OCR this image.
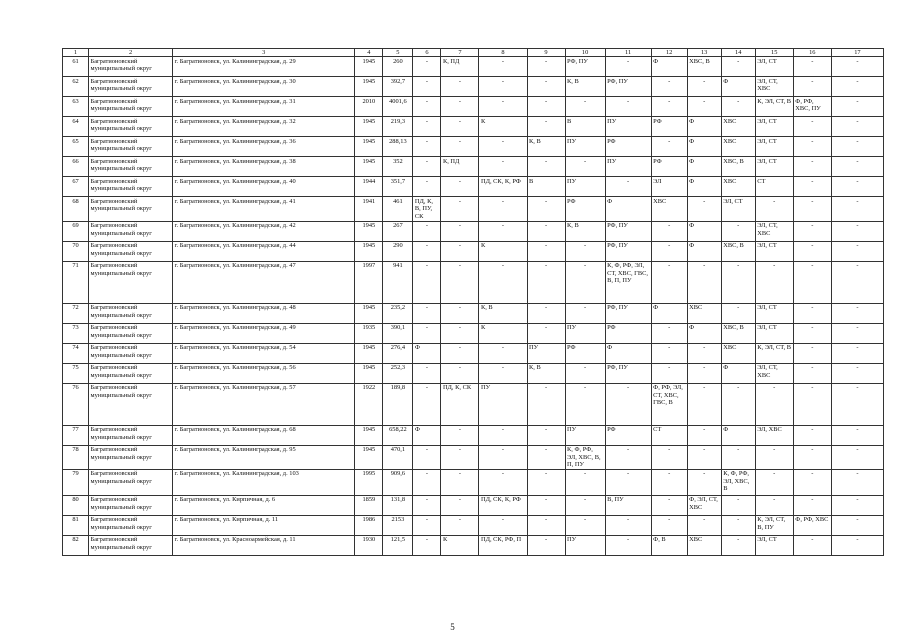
1	2	3	4	5	6	7	8	9	10	11	12	13	14	15	16	17
61	Багратионовский муниципальный округ	г. Багратионовск, ул. Калининградская, д. 29	1945	260	-	К, ПД	-	-	РФ, ПУ	-	Ф	ХВС, В	-	ЭЛ, СТ	-	-
62	Багратионовский муниципальный округ	г. Багратионовск, ул. Калининградская, д. 30	1945	392,7	-	-	-	-	К, В	РФ, ПУ	-	-	Ф	ЭЛ, СТ, ХВС	-	-
63	Багратионовский муниципальный округ	г. Багратионовск, ул. Калининградская, д. 31	2010	4001,6	-	-	-	-	-	-	-	-	-	К, ЭЛ, СТ, В	Ф, РФ, ХВС, ПУ	-
64	Багратионовский муниципальный округ	г. Багратионовск, ул. Калининградская, д. 32	1945	219,3	-	-	К	-	В	ПУ	РФ	Ф	ХВС	ЭЛ, СТ	-	-
65	Багратионовский муниципальный округ	г. Багратионовск, ул. Калининградская, д. 36	1945	288,13	-	-	-	К, В	ПУ	РФ	-	Ф	ХВС	ЭЛ, СТ	-	-
66	Багратионовский муниципальный округ	г. Багратионовск, ул. Калининградская, д. 38	1945	352	-	К, ПД	-	-	-	ПУ	РФ	Ф	ХВС, В	ЭЛ, СТ	-	-
67	Багратионовский муниципальный округ	г. Багратионовск, ул. Калининградская, д. 40	1944	351,7	-	-	ПД, СК, К, РФ	В	ПУ	-	ЭЛ	Ф	ХВС	СТ	-	-
68	Багратионовский муниципальный округ	г. Багратионовск, ул. Калининградская, д. 41	1941	461	ПД, К, В, ПУ, СК	-	-	-	РФ	Ф	ХВС	-	ЭЛ, СТ	-	-	-
69	Багратионовский муниципальный округ	г. Багратионовск, ул. Калининградская, д. 42	1945	267	-	-	-	-	К, В	РФ, ПУ	-	Ф	-	ЭЛ, СТ, ХВС	-	-
70	Багратионовский муниципальный округ	г. Багратионовск, ул. Калининградская, д. 44	1945	290	-	-	К	-	-	РФ, ПУ	-	Ф	ХВС, В	ЭЛ, СТ	-	-
71	Багратионовский муниципальный округ	г. Багратионовск, ул. Калининградская, д. 47	1997	941	-	-	-	-	-	К, Ф, РФ, ЭЛ, СТ, ХВС, ГВС, В, П, ПУ	-	-	-	-	-	-
72	Багратионовский муниципальный округ	г. Багратионовск, ул. Калининградская, д. 48	1945	235,2	-	-	К, В	-	-	РФ, ПУ	Ф	ХВС	-	ЭЛ, СТ	-	-
73	Багратионовский муниципальный округ	г. Багратионовск, ул. Калининградская, д. 49	1935	390,1	-	-	К	-	ПУ	РФ	-	Ф	ХВС, В	ЭЛ, СТ	-	-
74	Багратионовский муниципальный округ	г. Багратионовск, ул. Калининградская, д. 54	1945	276,4	Ф	-	-	ПУ	РФ	Ф	-	-	ХВС	К, ЭЛ, СТ, В	-	-
75	Багратионовский муниципальный округ	г. Багратионовск, ул. Калининградская, д. 56	1945	252,3	-	-	-	К, В	-	РФ, ПУ	-	-	Ф	ЭЛ, СТ, ХВС	-	-
76	Багратионовский муниципальный округ	г. Багратионовск, ул. Калининградская, д. 57	1922	189,8	-	ПД, К, СК	ПУ	-	-	-	Ф, РФ, ЭЛ, СТ, ХВС, ГВС, В	-	-	-	-	-
77	Багратионовский муниципальный округ	г. Багратионовск, ул. Калининградская, д. 68	1945	658,22	Ф	-	-	-	ПУ	РФ	СТ	-	Ф	ЭЛ, ХВС	-	-
78	Багратионовский муниципальный округ	г. Багратионовск, ул. Калининградская, д. 95	1945	470,1	-	-	-	-	К, Ф, РФ, ЭЛ, ХВС, В, П, ПУ	-	-	-	-	-	-	-
79	Багратионовский муниципальный округ	г. Багратионовск, ул. Калининградская, д. 103	1995	909,6	-	-	-	-	-	-	-	-	К, Ф, РФ, ЭЛ, ХВС, В	-	-	-
80	Багратионовский муниципальный округ	г. Багратионовск, ул. Кирпичная, д. 6	1859	131,8	-	-	ПД, СК, К, РФ	-	-	В, ПУ	-	Ф, ЭЛ, СТ, ХВС	-	-	-	-
81	Багратионовский муниципальный округ	г. Багратионовск, ул. Кирпичная, д. 11	1986	2153	-	-	-	-	-	-	-	-	-	К, ЭЛ, СТ, В, ПУ	Ф, РФ, ХВС	-
82	Багратионовский муниципальный округ	г. Багратионовск, ул. Красноармейская, д. 11	1930	121,5	-	К	ПД, СК, РФ, П	-	ПУ	-	Ф, В	ХВС	-	ЭЛ, СТ	-	-
5
